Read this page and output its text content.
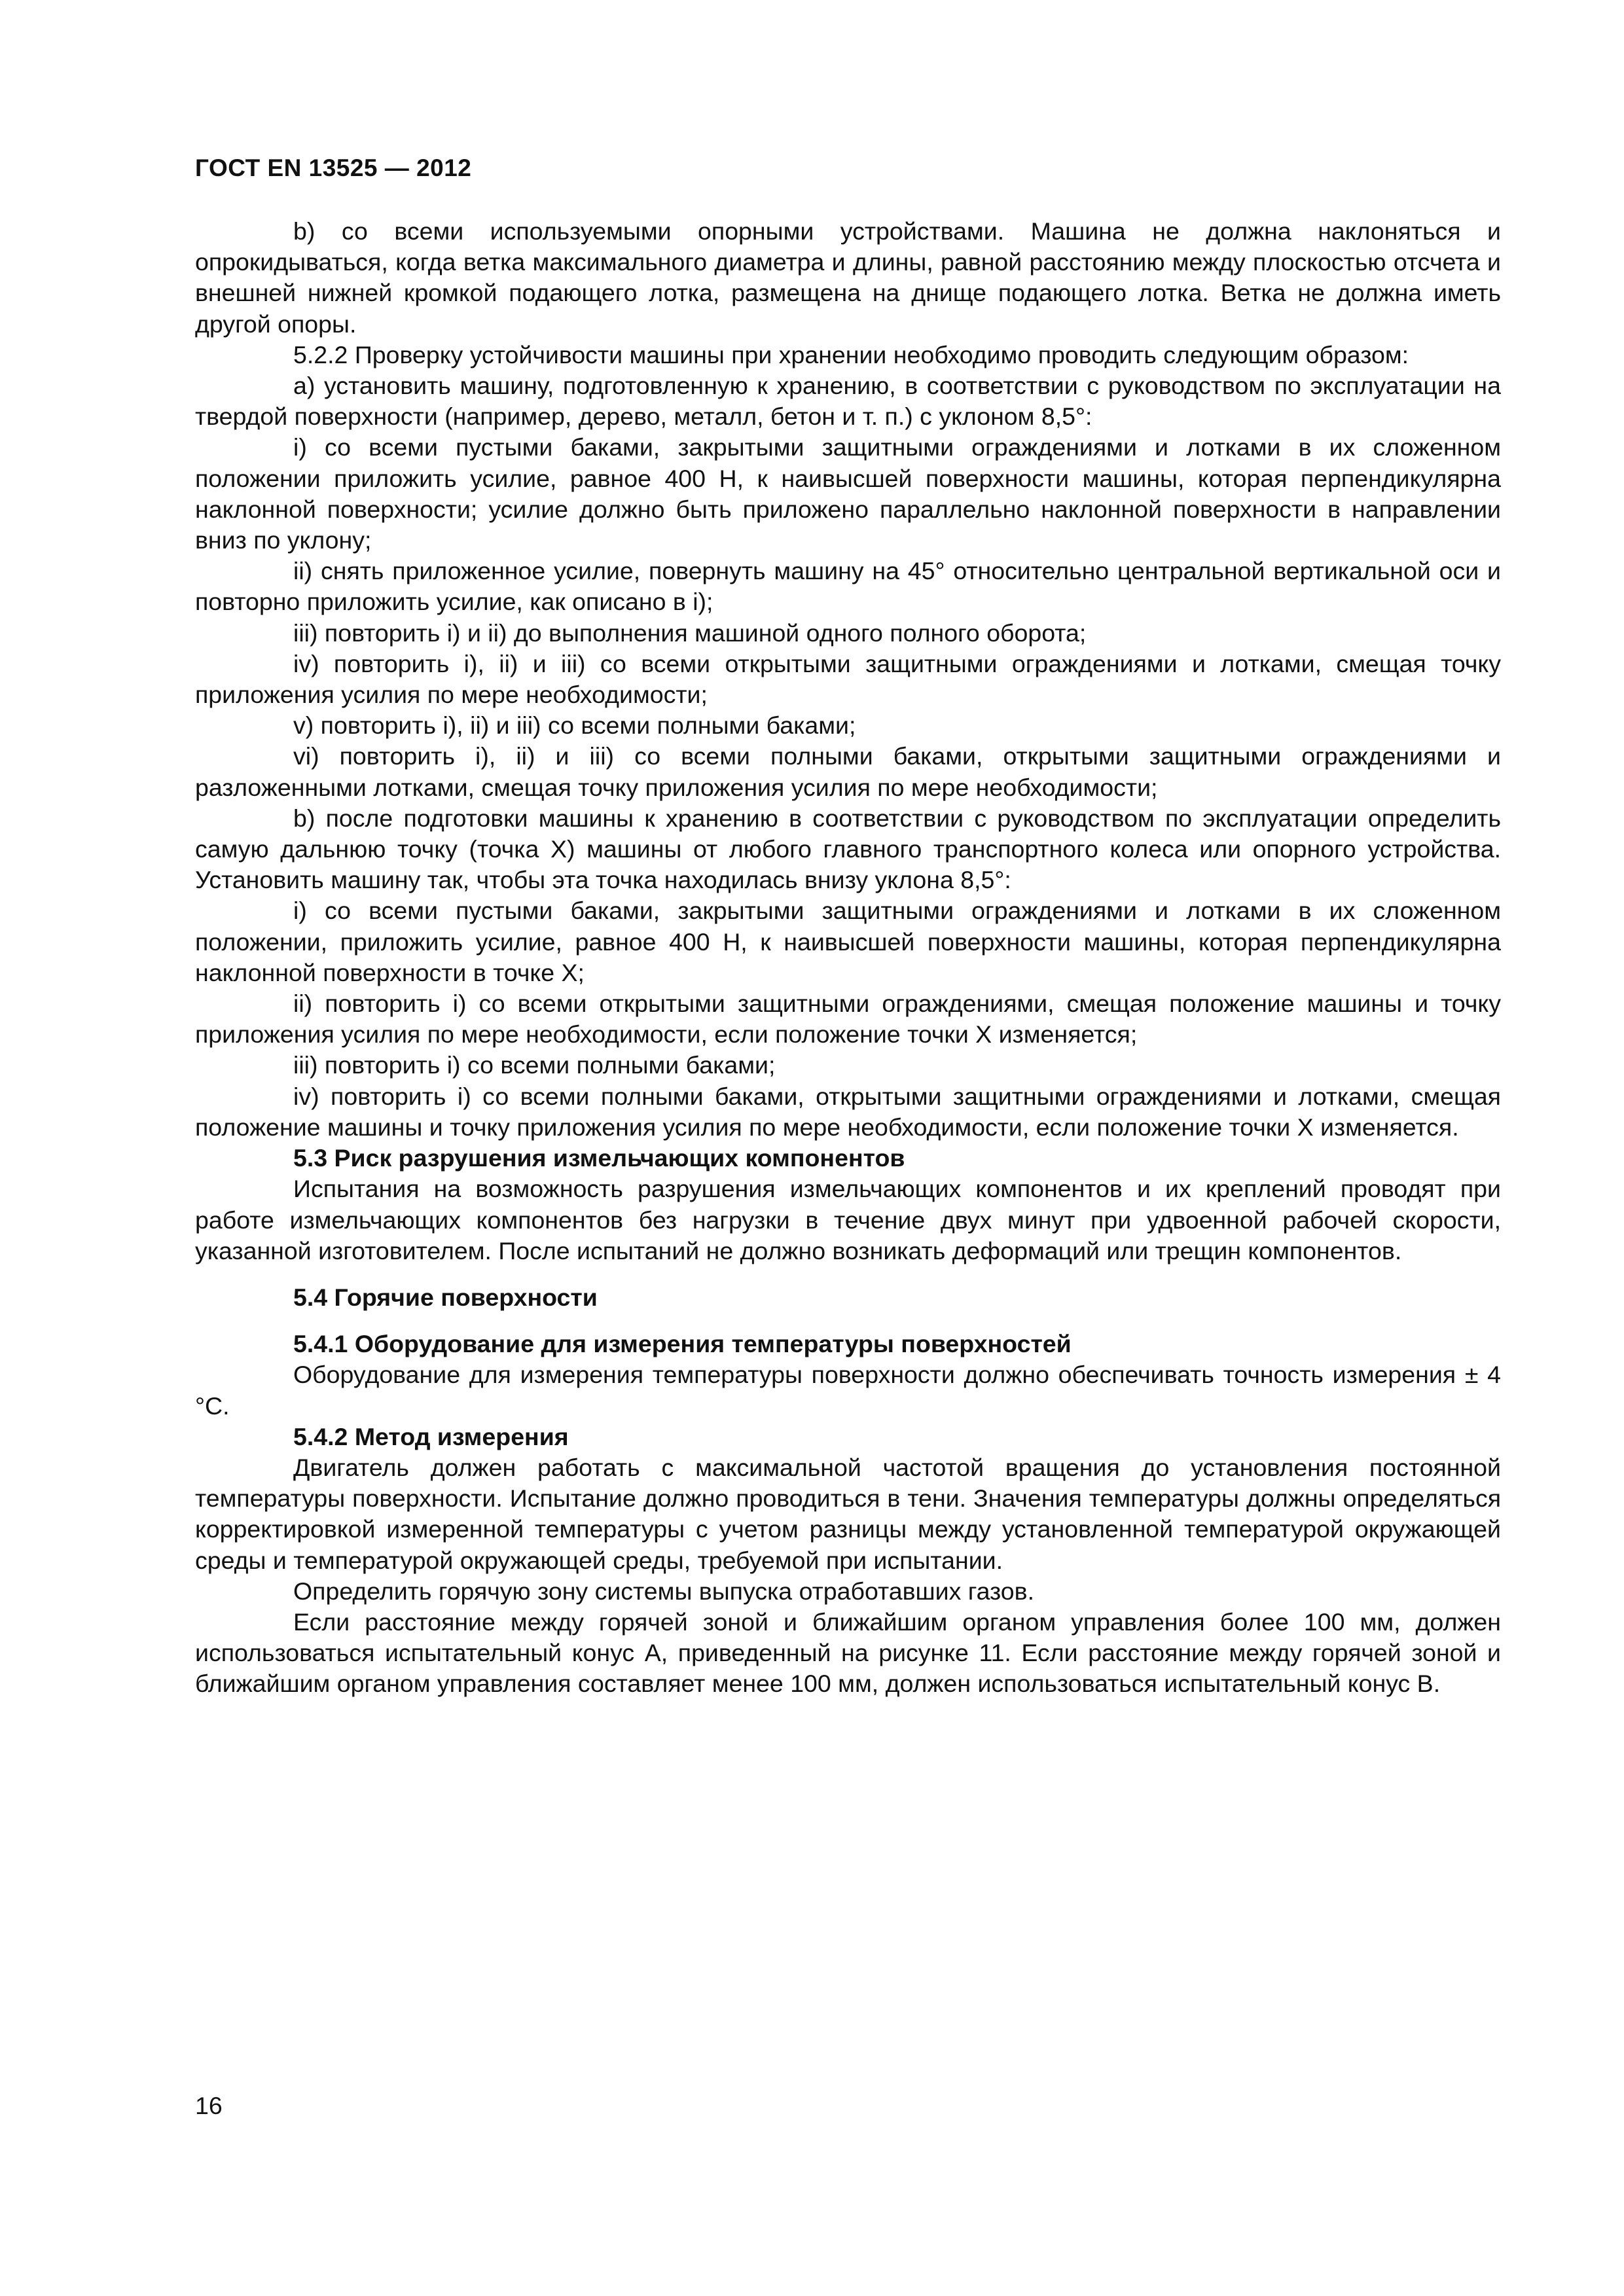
ГОСТ EN 13525 — 2012

b) со всеми используемыми опорными устройствами. Машина не должна наклоняться и опрокидываться, когда ветка максимального диаметра и длины, равной расстоянию между плоскостью отсчета и внешней нижней кромкой подающего лотка, размещена на днище подающего лотка. Ветка не должна иметь другой опоры.

5.2.2 Проверку устойчивости машины при хранении необходимо проводить следующим образом:

a) установить машину, подготовленную к хранению, в соответствии с руководством по эксплуатации на твердой поверхности (например, дерево, металл, бетон и т. п.) с уклоном 8,5°:

i) со всеми пустыми баками, закрытыми защитными ограждениями и лотками в их сложенном положении приложить усилие, равное 400 Н, к наивысшей поверхности машины, которая перпендикулярна наклонной поверхности; усилие должно быть приложено параллельно наклонной поверхности в направлении вниз по уклону;

ii) снять приложенное усилие, повернуть машину на 45° относительно центральной вертикальной оси и повторно приложить усилие, как описано в i);

iii) повторить i) и ii) до выполнения машиной одного полного оборота;

iv) повторить i), ii) и iii) со всеми открытыми защитными ограждениями и лотками, смещая точку приложения усилия по мере необходимости;

v) повторить i), ii) и iii) со всеми полными баками;

vi) повторить i), ii) и iii) со всеми полными баками, открытыми защитными ограждениями и разложенными лотками, смещая точку приложения усилия по мере необходимости;

b) после подготовки машины к хранению в соответствии с руководством по эксплуатации определить самую дальнюю точку (точка X) машины от любого главного транспортного колеса или опорного устройства. Установить машину так, чтобы эта точка находилась внизу уклона 8,5°:

i) со всеми пустыми баками, закрытыми защитными ограждениями и лотками в их сложенном положении, приложить усилие, равное 400 Н, к наивысшей поверхности машины, которая перпендикулярна наклонной поверхности в точке X;

ii) повторить i) со всеми открытыми защитными ограждениями, смещая положение машины и точку приложения усилия по мере необходимости, если положение точки X изменяется;

iii) повторить i) со всеми полными баками;

iv) повторить i) со всеми полными баками, открытыми защитными ограждениями и лотками, смещая положение машины и точку приложения усилия по мере необходимости, если положение точки X изменяется.

5.3 Риск разрушения измельчающих компонентов

Испытания на возможность разрушения измельчающих компонентов и их креплений проводят при работе измельчающих компонентов без нагрузки в течение двух минут при удвоенной рабочей скорости, указанной изготовителем. После испытаний не должно возникать деформаций или трещин компонентов.

5.4 Горячие поверхности
5.4.1 Оборудование для измерения температуры поверхностей

Оборудование для измерения температуры поверхности должно обеспечивать точность измерения ± 4 °С.

5.4.2 Метод измерения

Двигатель должен работать с максимальной частотой вращения до установления постоянной температуры поверхности. Испытание должно проводиться в тени. Значения температуры должны определяться корректировкой измеренной температуры с учетом разницы между установленной температурой окружающей среды и температурой окружающей среды, требуемой при испытании.

Определить горячую зону системы выпуска отработавших газов.

Если расстояние между горячей зоной и ближайшим органом управления более 100 мм, должен использоваться испытательный конус А, приведенный на рисунке 11. Если расстояние между горячей зоной и ближайшим органом управления составляет менее 100 мм, должен использоваться испытательный конус В.

16
